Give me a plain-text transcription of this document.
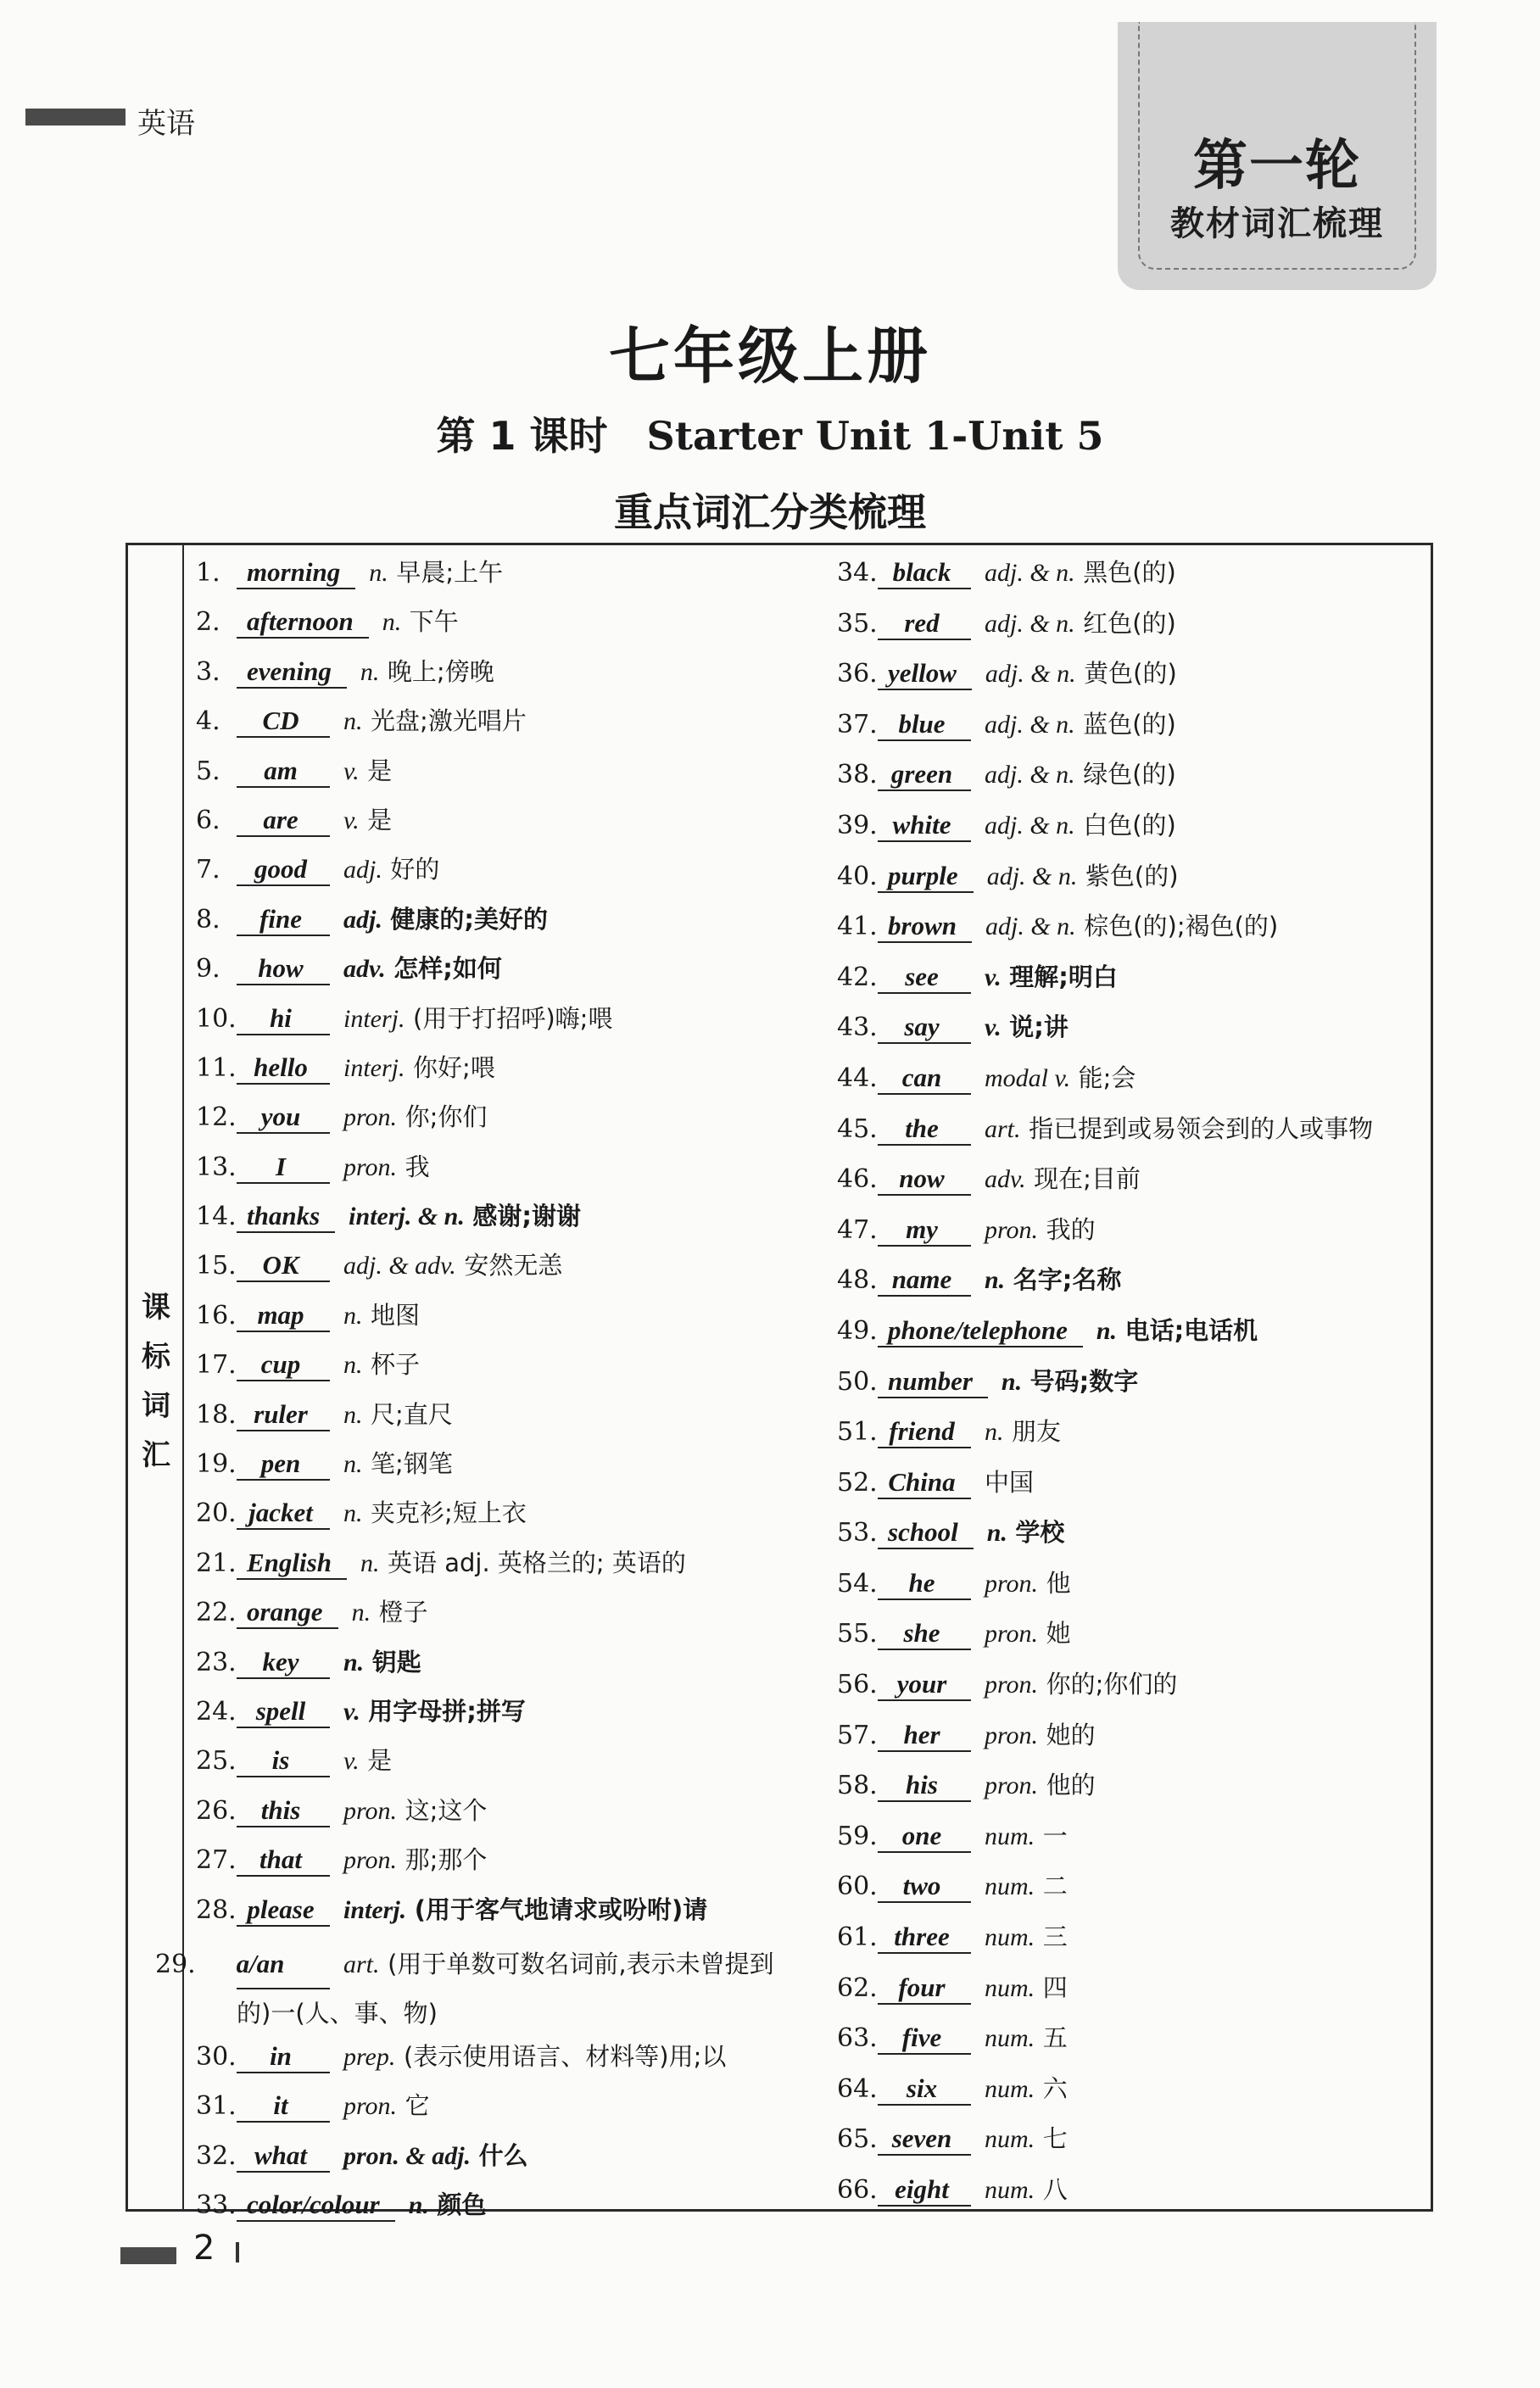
英语
第一轮
教材词汇梳理
七年级上册
第 1 课时 Starter Unit 1-Unit 5
重点词汇分类梳理
课
标
词
汇
1. morning n. 早晨;上午
2. afternoon n. 下午
3. evening n. 晚上;傍晚
4. CD n. 光盘;激光唱片
5. am v. 是
6. are v. 是
7. good adj. 好的
8. fine adj. 健康的;美好的
9. how adv. 怎样;如何
10. hi interj. (用于打招呼)嗨;喂
11. hello interj. 你好;喂
12. you pron. 你;你们
13. I pron. 我
14. thanks interj. & n. 感谢;谢谢
15. OK adj. & adv. 安然无恙
16. map n. 地图
17. cup n. 杯子
18. ruler n. 尺;直尺
19. pen n. 笔;钢笔
20. jacket n. 夹克衫;短上衣
21. English n. 英语 adj. 英格兰的; 英语的
22. orange n. 橙子
23. key n. 钥匙
24. spell v. 用字母拼;拼写
25. is v. 是
26. this pron. 这;这个
27. that pron. 那;那个
28. please interj. (用于客气地请求或吩咐)请
29. a/an art. (用于单数可数名词前,表示未曾提到的)一(人、事、物)
30. in prep. (表示使用语言、材料等)用;以
31. it pron. 它
32. what pron. & adj. 什么
33. color/colour n. 颜色
34. black adj. & n. 黑色(的)
35. red adj. & n. 红色(的)
36. yellow adj. & n. 黄色(的)
37. blue adj. & n. 蓝色(的)
38. green adj. & n. 绿色(的)
39. white adj. & n. 白色(的)
40. purple adj. & n. 紫色(的)
41. brown adj. & n. 棕色(的);褐色(的)
42. see v. 理解;明白
43. say v. 说;讲
44. can modal v. 能;会
45. the art. 指已提到或易领会到的人或事物
46. now adv. 现在;目前
47. my pron. 我的
48. name n. 名字;名称
49. phone/telephone n. 电话;电话机
50. number n. 号码;数字
51. friend n. 朋友
52. China 中国
53. school n. 学校
54. he pron. 他
55. she pron. 她
56. your pron. 你的;你们的
57. her pron. 她的
58. his pron. 他的
59. one num. 一
60. two num. 二
61. three num. 三
62. four num. 四
63. five num. 五
64. six num. 六
65. seven num. 七
66. eight num. 八
2
